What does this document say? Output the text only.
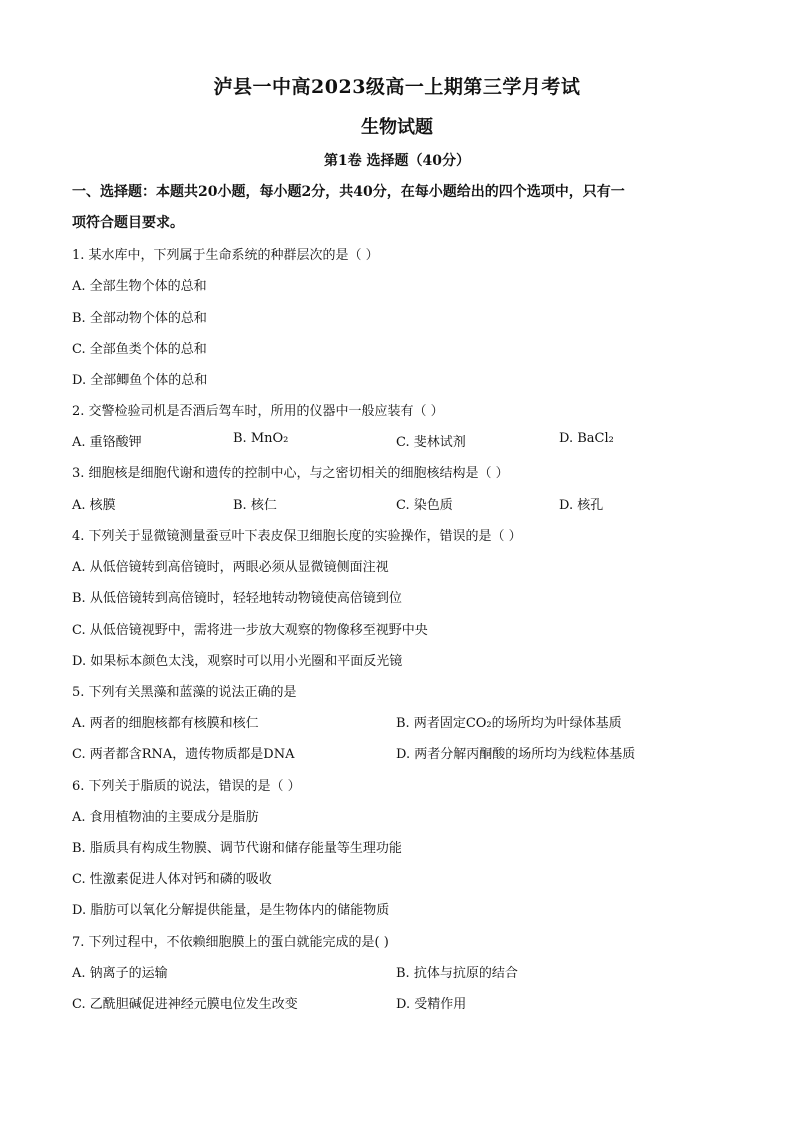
泸县一中高2023级高一上期第三学月考试
生物试题
第1卷 选择题（40分）
一、选择题：本题共20小题，每小题2分，共40分，在每小题给出的四个选项中，只有一
项符合题目要求。
1. 某水库中，下列属于生命系统的种群层次的是（ ）
A. 全部生物个体的总和
B. 全部动物个体的总和
C. 全部鱼类个体的总和
D. 全部鲫鱼个体的总和
2. 交警检验司机是否酒后驾车时，所用的仪器中一般应装有（ ）
A. 重铬酸钾	B. MnO₂	C. 斐林试剂	D. BaCl₂
3. 细胞核是细胞代谢和遗传的控制中心，与之密切相关的细胞核结构是（ ）
A. 核膜	B. 核仁	C. 染色质	D. 核孔
4. 下列关于显微镜测量蚕豆叶下表皮保卫细胞长度的实验操作，错误的是（ ）
A. 从低倍镜转到高倍镜时，两眼必须从显微镜侧面注视
B. 从低倍镜转到高倍镜时，轻轻地转动物镜使高倍镜到位
C. 从低倍镜视野中，需将进一步放大观察的物像移至视野中央
D. 如果标本颜色太浅，观察时可以用小光圈和平面反光镜
5. 下列有关黑藻和蓝藻的说法正确的是
A. 两者的细胞核都有核膜和核仁	B. 两者固定CO₂的场所均为叶绿体基质
C. 两者都含RNA，遗传物质都是DNA	D. 两者分解丙酮酸的场所均为线粒体基质
6. 下列关于脂质的说法，错误的是（ ）
A. 食用植物油的主要成分是脂肪
B. 脂质具有构成生物膜、调节代谢和储存能量等生理功能
C. 性激素促进人体对钙和磷的吸收
D. 脂肪可以氧化分解提供能量，是生物体内的储能物质
7. 下列过程中，不依赖细胞膜上的蛋白就能完成的是( )
A. 钠离子的运输	B. 抗体与抗原的结合
C. 乙酰胆碱促进神经元膜电位发生改变	D. 受精作用
